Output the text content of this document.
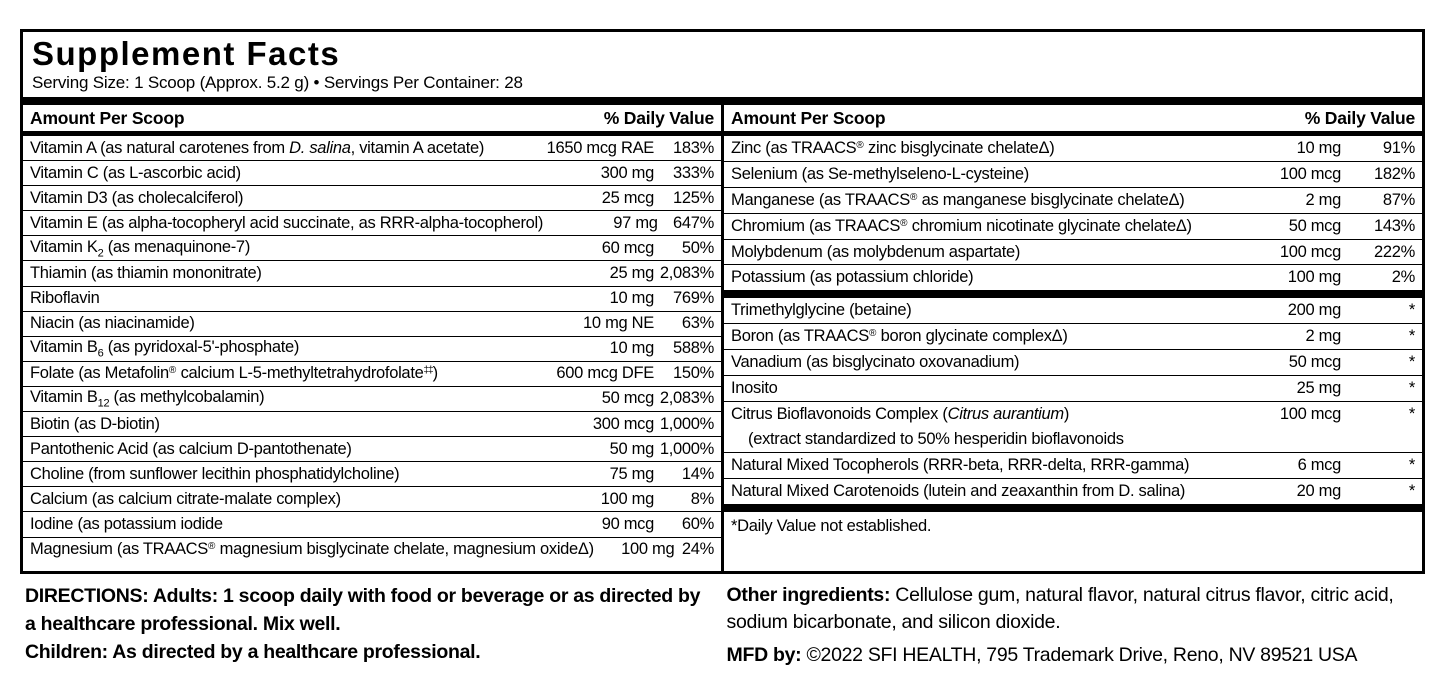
Supplement Facts
Serving Size: 1 Scoop (Approx. 5.2 g) • Servings Per Container: 28
Amount Per Scoop	% Daily Value
Vitamin A (as natural carotenes from D. salina, vitamin A acetate)	1650 mcg RAE	183%
Vitamin C (as L-ascorbic acid)	300 mg	333%
Vitamin D3 (as cholecalciferol)	25 mcg	125%
Vitamin E (as alpha-tocopheryl acid succinate, as RRR-alpha-tocopherol)	97 mg 647%
Vitamin $K_2$ (as menaquinone-7)	60 mcg	50%
Thiamin (as thiamin mononitrate)	25 mg 2,083%
Riboflavin	10 mg	769%
Niacin (as niacinamide)	10 mg NE	63%
Vitamin $B_6$ (as pyridoxal-5'-phosphate)	10 mg	588%
Folate (as Metafolin® calcium L-5-methyltetrahydrofolate‡‡)	600 mcg DFE	150%
Vitamin $B_{12}$ (as methylcobalamin)	50 mcg 2,083%
Biotin (as D-biotin)	300 mcg 1,000%
Pantothenic Acid (as calcium D-pantothenate)	50 mg 1,000%
Choline (from sunflower lecithin phosphatidylcholine)	75 mg	14%
Calcium (as calcium citrate-malate complex)	100 mg	8%
Iodine (as potassium iodide	90 mcg	60%
Magnesium (as TRAACS® magnesium bisglycinate chelate, magnesium oxideΔ)	100 mg 24%
Amount Per Scoop	% Daily Value
Zinc (as TRAACS® zinc bisglycinate chelateΔ)	10 mg	91%
Selenium (as Se-methylseleno-L-cysteine)	100 mcg	182%
Manganese (as TRAACS® as manganese bisglycinate chelateΔ)	2 mg	87%
Chromium (as TRAACS® chromium nicotinate glycinate chelateΔ)	50 mcg	143%
Molybdenum (as molybdenum aspartate)	100 mcg	222%
Potassium (as potassium chloride)	100 mg	2%
Trimethylglycine (betaine)	200 mg	*
Boron (as TRAACS® boron glycinate complexΔ)	2 mg	*
Vanadium (as bisglycinato oxovanadium)	50 mcg	*
Inosito	25 mg	*
Citrus Bioflavonoids Complex (Citrus aurantium)	100 mcg	*
(extract standardized to 50% hesperidin bioflavonoids
Natural Mixed Tocopherols (RRR-beta, RRR-delta, RRR-gamma)	6 mcg	*
Natural Mixed Carotenoids (lutein and zeaxanthin from D. salina)	20 mg	*
*Daily Value not established.

DIRECTIONS: Adults: 1 scoop daily with food or beverage or as directed by a healthcare professional. Mix well.

Children: As directed by a healthcare professional.

Other ingredients: Cellulose gum, natural flavor, natural citrus flavor, citric acid, sodium bicarbonate, and silicon dioxide.

MFD by: ©2022 SFI HEALTH, 795 Trademark Drive, Reno, NV 89521 USA
